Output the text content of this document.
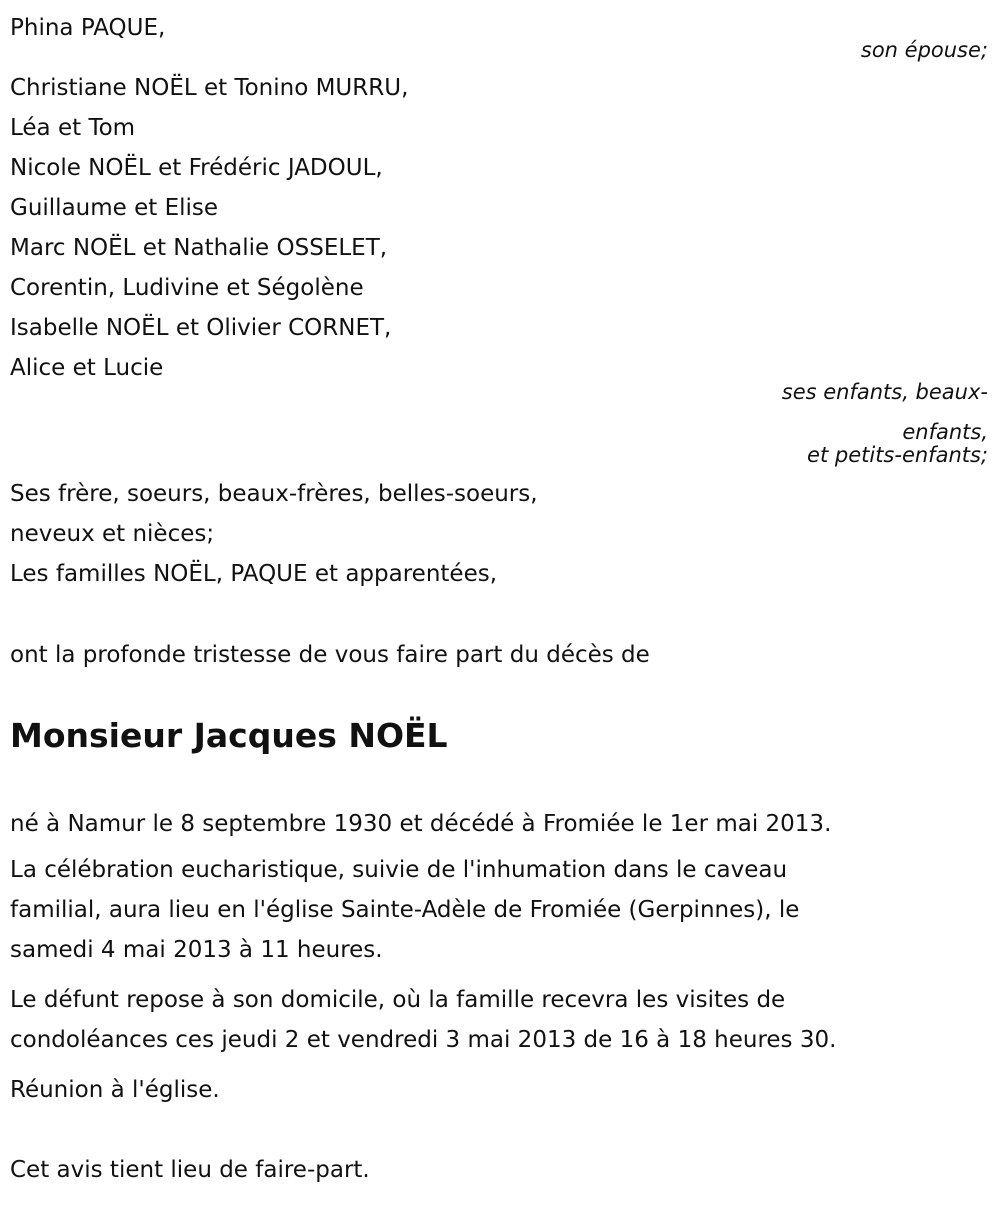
Phina PAQUE,
son épouse;
Christiane NOËL et Tonino MURRU,
Léa et Tom
Nicole NOËL et Frédéric JADOUL,
Guillaume et Elise
Marc NOËL et Nathalie OSSELET,
Corentin, Ludivine et Ségolène
Isabelle NOËL et Olivier CORNET,
Alice et Lucie
ses enfants, beaux-
enfants,
et petits-enfants;
Ses frère, soeurs, beaux-frères, belles-soeurs,
neveux et nièces;
Les familles NOËL, PAQUE et apparentées,
ont la profonde tristesse de vous faire part du décès de
Monsieur Jacques NOËL
né à Namur le 8 septembre 1930 et décédé à Fromiée le 1er mai 2013.
La célébration eucharistique, suivie de l'inhumation dans le caveau
familial, aura lieu en l'église Sainte-Adèle de Fromiée (Gerpinnes), le
samedi 4 mai 2013 à 11 heures.
Le défunt repose à son domicile, où la famille recevra les visites de
condoléances ces jeudi 2 et vendredi 3 mai 2013 de 16 à 18 heures 30.
Réunion à l'église.
Cet avis tient lieu de faire-part.
